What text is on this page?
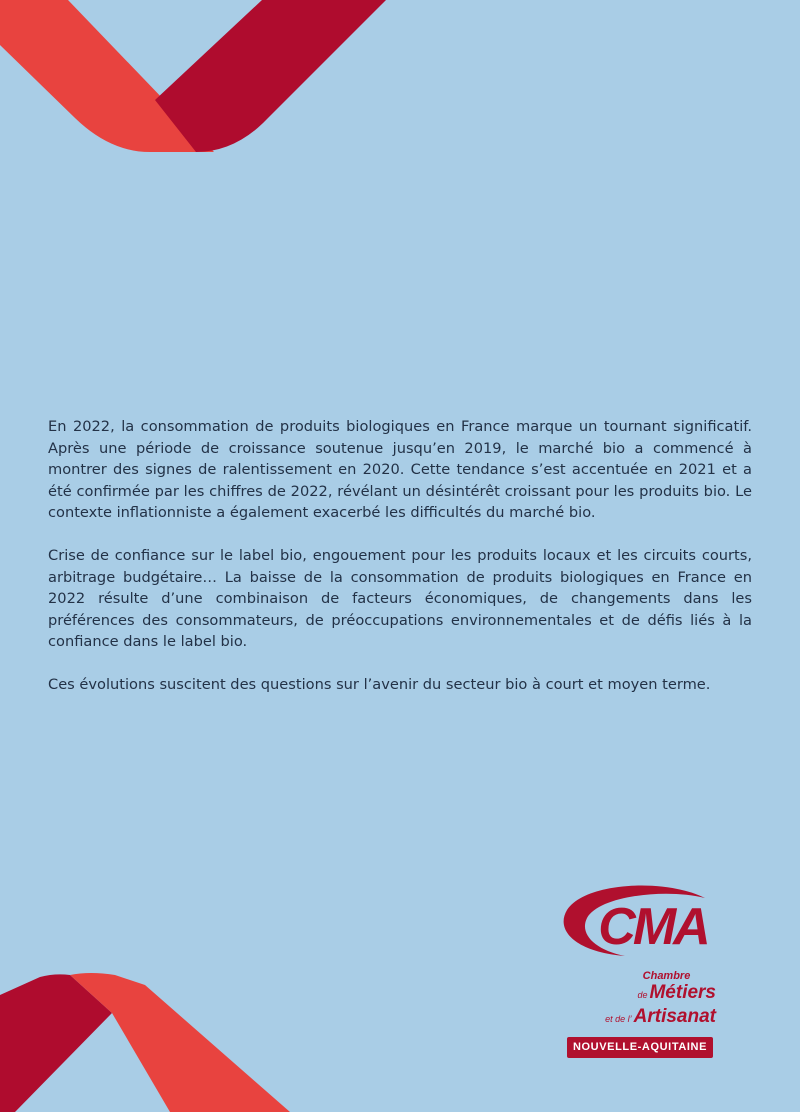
En 2022, la consommation de produits biologiques en France marque un tournant significatif. Après une période de croissance soutenue jusqu’en 2019, le marché bio a commencé à montrer des signes de ralentissement en 2020. Cette tendance s’est accentuée en 2021 et a été confirmée par les chiffres de 2022, révélant un désintérêt croissant pour les produits bio. Le contexte inflationniste a également exacerbé les difficultés du marché bio.

Crise de confiance sur le label bio, engouement pour les produits locaux et les circuits courts, arbitrage budgétaire… La baisse de la consommation de produits biologiques en France en 2022 résulte d’une combinaison de facteurs économiques, de changements dans les préférences des consommateurs, de préoccupations environnementales et de défis liés à la confiance dans le label bio.

Ces évolutions suscitent des questions sur l’avenir du secteur bio à court et moyen terme.

CMA
Chambre
de Métiers
et de l’ Artisanat
NOUVELLE-AQUITAINE
